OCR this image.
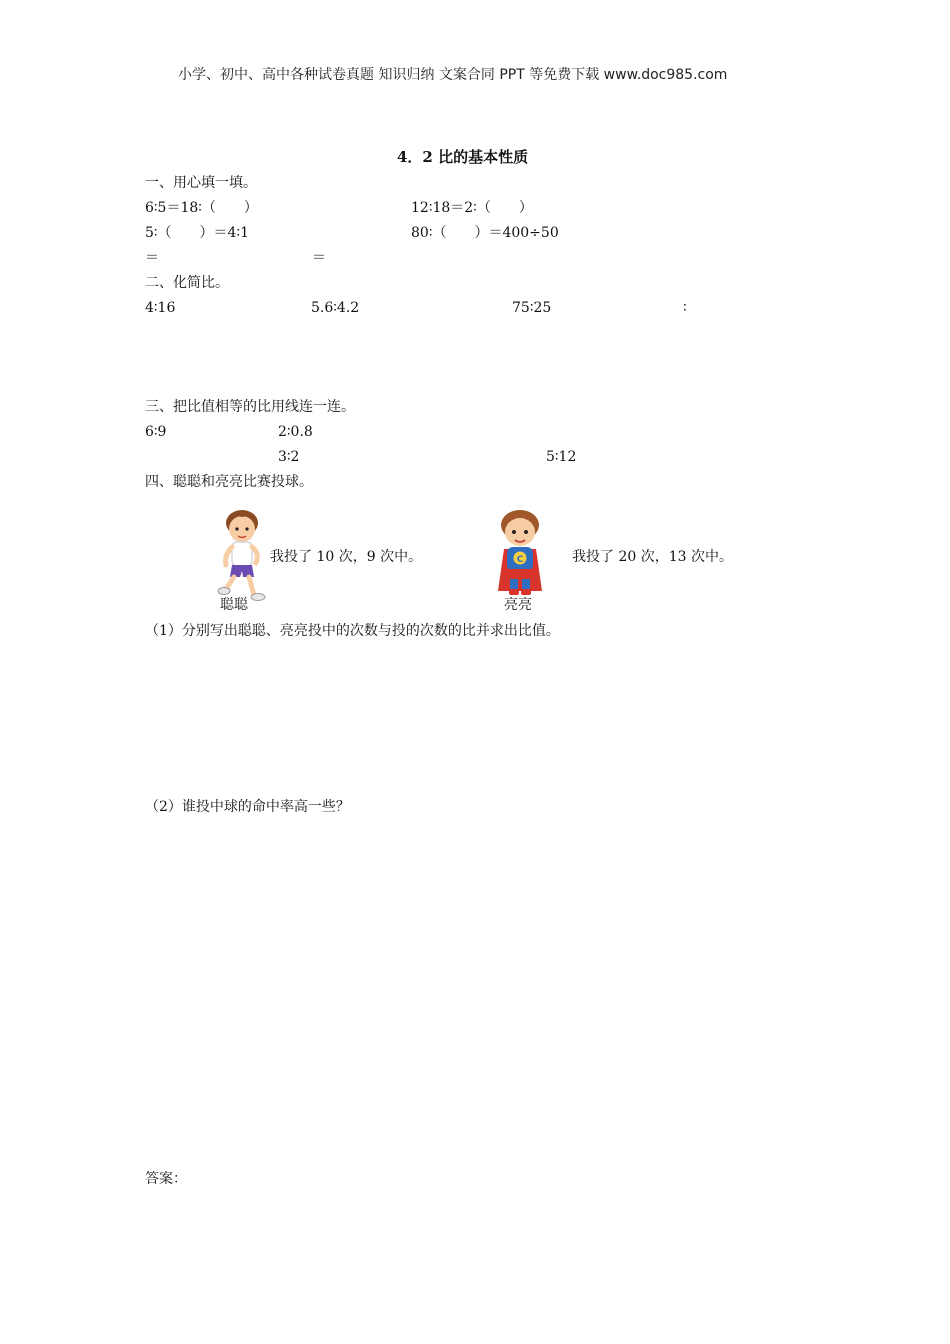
小学、初中、高中各种试卷真题 知识归纳 文案合同 PPT 等免费下载 www.doc985.com
4．2 比的基本性质
一、用心填一填。
6∶5＝18∶（　　）	12∶18＝2∶（　　）
5∶（　　）＝4∶1	80∶（　　）＝400÷50
＝	＝
二、化简比。
4∶16	5.6∶4.2	75∶25	∶
三、把比值相等的比用线连一连。
6∶9	2∶0.8
3∶2	5∶12
四、聪聪和亮亮比赛投球。
我投了 10 次，9 次中。
聪聪
C	我投了 20 次，13 次中。
亮亮
（1）分别写出聪聪、亮亮投中的次数与投的次数的比并求出比值。
（2）谁投中球的命中率高一些？
答案：
